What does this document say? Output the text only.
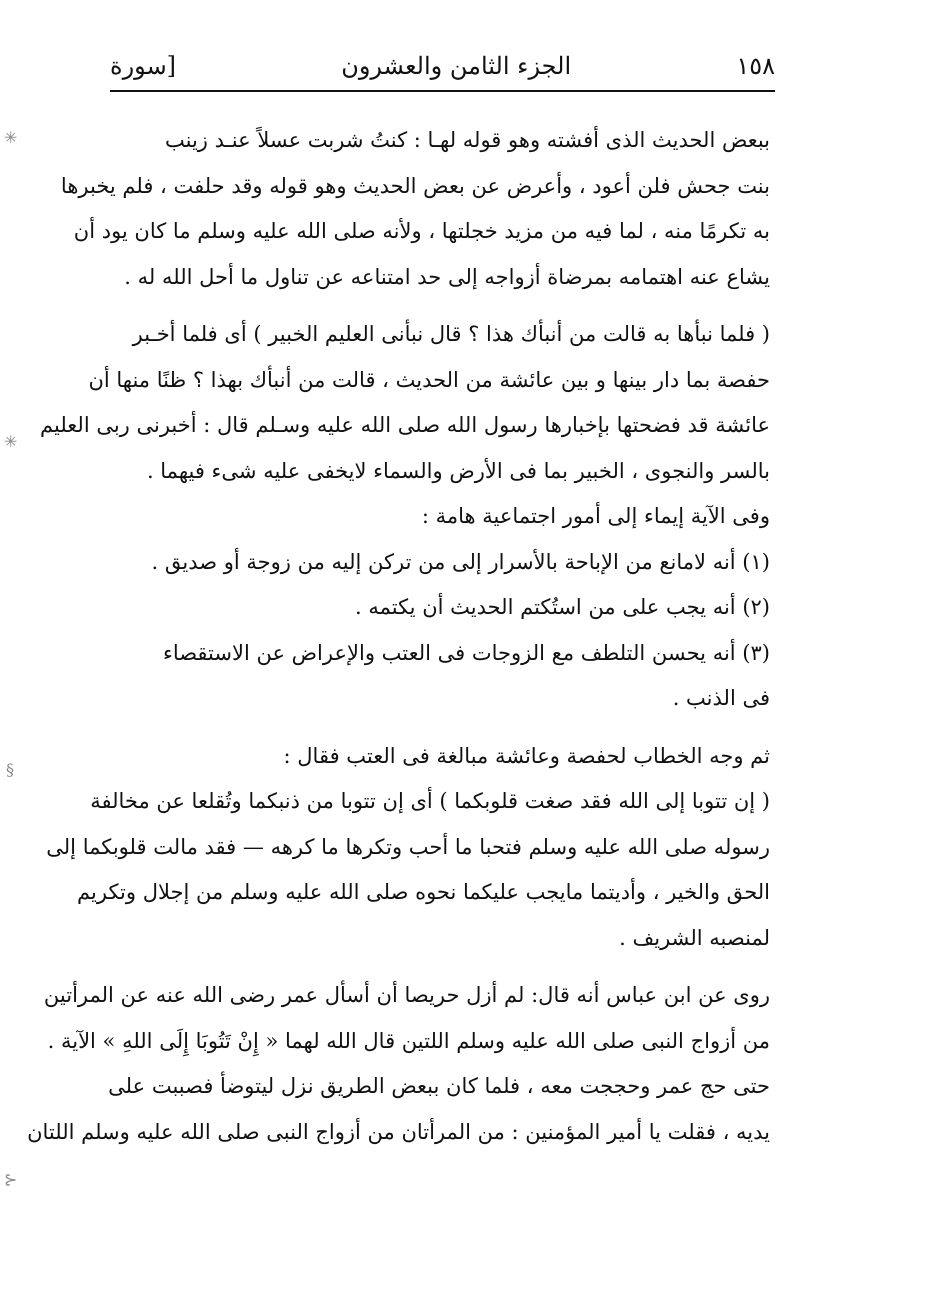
١٥٨
الجزء الثامن والعشرون
[سورة
ببعض الحديث الذى أفشته وهو قوله لهـا : كنتُ شربت عسلاً عنـد زينب
بنت جحش فلن أعود ، وأعرض عن بعض الحديث وهو قوله وقد حلفت ، فلم يخبرها
به تكرمًا منه ، لما فيه من مزيد خجلتها ، ولأنه صلى الله عليه وسلم ما كان يود أن
يشاع عنه اهتمامه بمرضاة أزواجه إلى حد امتناعه عن تناول ما أحل الله له .
( فلما نبأها به قالت من أنبأك هذا ؟ قال نبأنى العليم الخبير ) أى فلما أخـبر
حفصة بما دار بينها و بين عائشة من الحديث ، قالت من أنبأك بهذا ؟ ظنًا منها أن
عائشة قد فضحتها بإخبارها رسول الله صلى الله عليه وسـلم قال : أخبرنى ربى العليم
بالسر والنجوى ، الخبير بما فى الأرض والسماء لايخفى عليه شىء فيهما .
وفى الآية إيماء إلى أمور اجتماعية هامة :
(١) أنه لامانع من الإباحة بالأسرار إلى من تركن إليه من زوجة أو صديق .
(٢) أنه يجب على من استُكتم الحديث أن يكتمه .
(٣) أنه يحسن التلطف مع الزوجات فى العتب والإعراض عن الاستقصاء
فى الذنب .
ثم وجه الخطاب لحفصة وعائشة مبالغة فى العتب فقال :
( إن تتوبا إلى الله فقد صغت قلوبكما ) أى إن تتوبا من ذنبكما وتُقلعا عن مخالفة
رسوله صلى الله عليه وسلم فتحبا ما أحب وتكرها ما كرهه — فقد مالت قلوبكما إلى
الحق والخير ، وأديتما مايجب عليكما نحوه صلى الله عليه وسلم من إجلال وتكريم
لمنصبه الشريف .
روى عن ابن عباس أنه قال: لم أزل حريصا أن أسأل عمر رضى الله عنه عن المرأتين
من أزواج النبى صلى الله عليه وسلم اللتين قال الله لهما « إِنْ تَتُوبَا إِلَى اللهِ » الآية .
حتى حج عمر وحججت معه ، فلما كان ببعض الطريق نزل ليتوضأ فصببت على
يديه ، فقلت يا أمير المؤمنين : من المرأتان من أزواج النبى صلى الله عليه وسلم اللتان
✳
✳
§
⊱
